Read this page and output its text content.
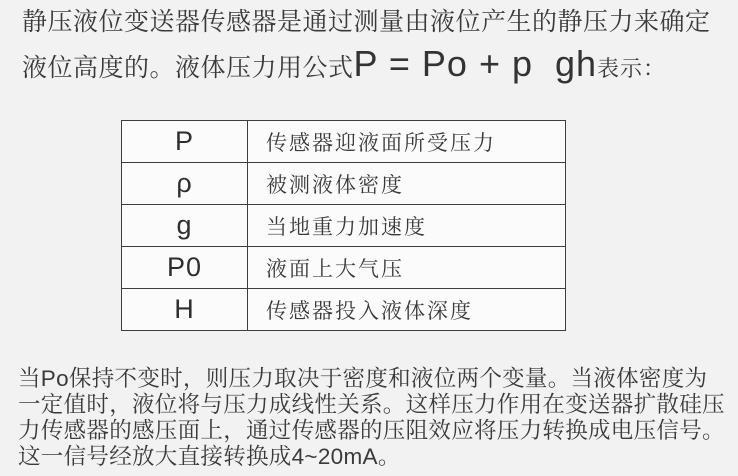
静压液位变送器传感器是通过测量由液位产生的静压力来确定
液位高度的。液体压力用公式P = Po + p  gh表示：
P	传感器迎液面所受压力
ρ	被测液体密度
g	当地重力加速度
P0	液面上大气压
H	传感器投入液体深度
当Po保持不变时，则压力取决于密度和液位两个变量。当液体密度为
一定值时，液位将与压力成线性关系。这样压力作用在变送器扩散硅压
力传感器的感压面上，通过传感器的压阻效应将压力转换成电压信号。
这一信号经放大直接转换成4~20mA。
